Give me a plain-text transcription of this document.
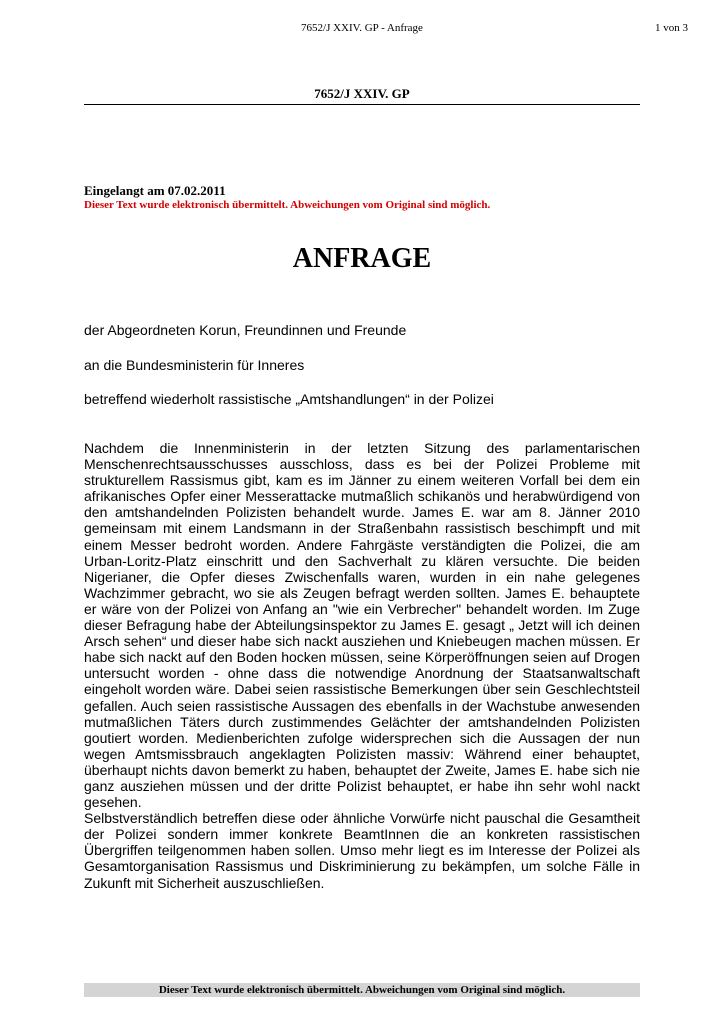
7652/J XXIV. GP - Anfrage	1 von 3
7652/J XXIV. GP
Eingelangt am 07.02.2011
Dieser Text wurde elektronisch übermittelt. Abweichungen vom Original sind möglich.
ANFRAGE
der Abgeordneten Korun, Freundinnen und Freunde
an die Bundesministerin für Inneres
betreffend wiederholt rassistische „Amtshandlungen“ in der Polizei

Nachdem die Innenministerin in der letzten Sitzung des parlamentarischen Menschenrechtsausschusses ausschloss, dass es bei der Polizei Probleme mit strukturellem Rassismus gibt, kam es im Jänner zu einem weiteren Vorfall bei dem ein afrikanisches Opfer einer Messerattacke mutmaßlich schikanös und herabwürdigend von den amtshandelnden Polizisten behandelt wurde. James E. war am 8. Jänner 2010 gemeinsam mit einem Landsmann in der Straßenbahn rassistisch beschimpft und mit einem Messer bedroht worden. Andere Fahrgäste verständigten die Polizei, die am Urban-Loritz-Platz einschritt und den Sachverhalt zu klären versuchte. Die beiden Nigerianer, die Opfer dieses Zwischenfalls waren, wurden in ein nahe gelegenes Wachzimmer gebracht, wo sie als Zeugen befragt werden sollten. James E. behauptete er wäre von der Polizei von Anfang an "wie ein Verbrecher" behandelt worden. Im Zuge dieser Befragung habe der Abteilungsinspektor zu James E. gesagt „ Jetzt will ich deinen Arsch sehen“ und dieser habe sich nackt ausziehen und Kniebeugen machen müssen. Er habe sich nackt auf den Boden hocken müssen, seine Körperöffnungen seien auf Drogen untersucht worden - ohne dass die notwendige Anordnung der Staatsanwaltschaft eingeholt worden wäre. Dabei seien rassistische Bemerkungen über sein Geschlechtsteil gefallen. Auch seien rassistische Aussagen des ebenfalls in der Wachstube anwesenden mutmaßlichen Täters durch zustimmendes Gelächter der amtshandelnden Polizisten goutiert worden. Medienberichten zufolge widersprechen sich die Aussagen der nun wegen Amtsmissbrauch angeklagten Polizisten massiv: Während einer behauptet, überhaupt nichts davon bemerkt zu haben, behauptet der Zweite, James E. habe sich nie ganz ausziehen müssen und der dritte Polizist behauptet, er habe ihn sehr wohl nackt gesehen.

Selbstverständlich betreffen diese oder ähnliche Vorwürfe nicht pauschal die Gesamtheit der Polizei sondern immer konkrete BeamtInnen die an konkreten rassistischen Übergriffen teilgenommen haben sollen. Umso mehr liegt es im Interesse der Polizei als Gesamtorganisation Rassismus und Diskriminierung zu bekämpfen, um solche Fälle in Zukunft mit Sicherheit auszuschließen.

Dieser Text wurde elektronisch übermittelt. Abweichungen vom Original sind möglich.
